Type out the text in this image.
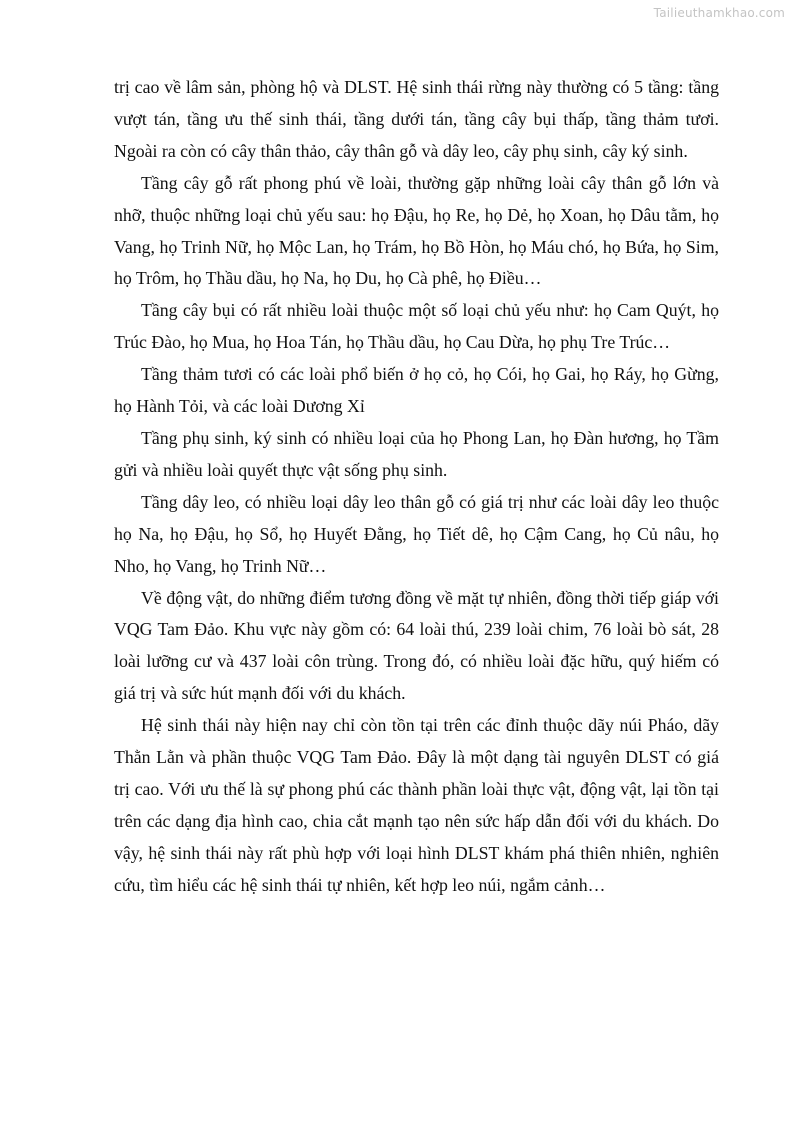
Tailieuthamkhao.com

trị cao về lâm sản, phòng hộ và DLST. Hệ sinh thái rừng này thường có 5 tầng: tầng vượt tán, tầng ưu thế sinh thái, tầng dưới tán, tầng cây bụi thấp, tầng thảm tươi. Ngoài ra còn có cây thân thảo, cây thân gỗ và dây leo, cây phụ sinh, cây ký sinh.

Tầng cây gỗ rất phong phú về loài, thường gặp những loài cây thân gỗ lớn và nhỡ, thuộc những loại chủ yếu sau: họ Đậu, họ Re, họ Dẻ, họ Xoan, họ Dâu tằm, họ Vang, họ Trinh Nữ, họ Mộc Lan, họ Trám, họ Bồ Hòn, họ Máu chó, họ Bứa, họ Sim, họ Trôm, họ Thầu dầu, họ Na, họ Du, họ Cà phê, họ Điều…

Tầng cây bụi có rất nhiều loài thuộc một số loại chủ yếu như: họ Cam Quýt, họ Trúc Đào, họ Mua, họ Hoa Tán, họ Thầu dầu, họ Cau Dừa, họ phụ Tre Trúc…

Tầng thảm tươi có các loài phổ biến ở họ cỏ, họ Cói, họ Gai, họ Ráy, họ Gừng, họ Hành Tỏi, và các loài Dương Xỉ

Tầng phụ sinh, ký sinh có nhiều loại của họ Phong Lan, họ Đàn hương, họ Tầm gửi và nhiều loài quyết thực vật sống phụ sinh.

Tầng dây leo, có nhiều loại dây leo thân gỗ có giá trị như các loài dây leo thuộc họ Na, họ Đậu, họ Sổ, họ Huyết Đằng, họ Tiết dê, họ Cậm Cang, họ Củ nâu, họ Nho, họ Vang, họ Trinh Nữ…

Về động vật, do những điểm tương đồng về mặt tự nhiên, đồng thời tiếp giáp với VQG Tam Đảo. Khu vực này gồm có: 64 loài thú, 239 loài chim, 76 loài bò sát, 28 loài lưỡng cư và 437 loài côn trùng. Trong đó, có nhiều loài đặc hữu, quý hiếm có giá trị và sức hút mạnh đối với du khách.

Hệ sinh thái này hiện nay chỉ còn tồn tại trên các đỉnh thuộc dãy núi Pháo, dãy Thằn Lằn và phần thuộc VQG Tam Đảo. Đây là một dạng tài nguyên DLST có giá trị cao. Với ưu thế là sự phong phú các thành phần loài thực vật, động vật, lại tồn tại trên các dạng địa hình cao, chia cắt mạnh tạo nên sức hấp dẫn đối với du khách. Do vậy, hệ sinh thái này rất phù hợp với loại hình DLST khám phá thiên nhiên, nghiên cứu, tìm hiểu các hệ sinh thái tự nhiên, kết hợp leo núi, ngắm cảnh…
